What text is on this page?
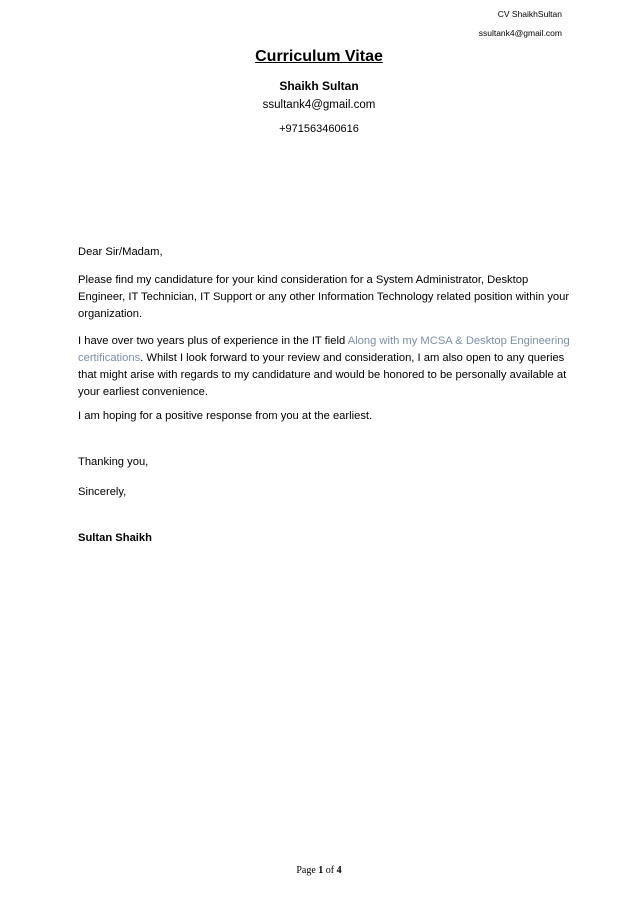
CV ShaikhSultan
ssultank4@gmail.com
Curriculum Vitae
Shaikh Sultan
ssultank4@gmail.com
+971563460616
Dear Sir/Madam,
Please find my candidature for your kind consideration for a System Administrator, Desktop Engineer, IT Technician, IT Support or any other Information Technology related position within your organization.
I have over two years plus of experience in the IT field Along with my MCSA & Desktop Engineering certifications. Whilst I look forward to your review and consideration, I am also open to any queries that might arise with regards to my candidature and would be honored to be personally available at your earliest convenience.
I am hoping for a positive response from you at the earliest.
Thanking you,
Sincerely,
Sultan Shaikh
Page 1 of 4
